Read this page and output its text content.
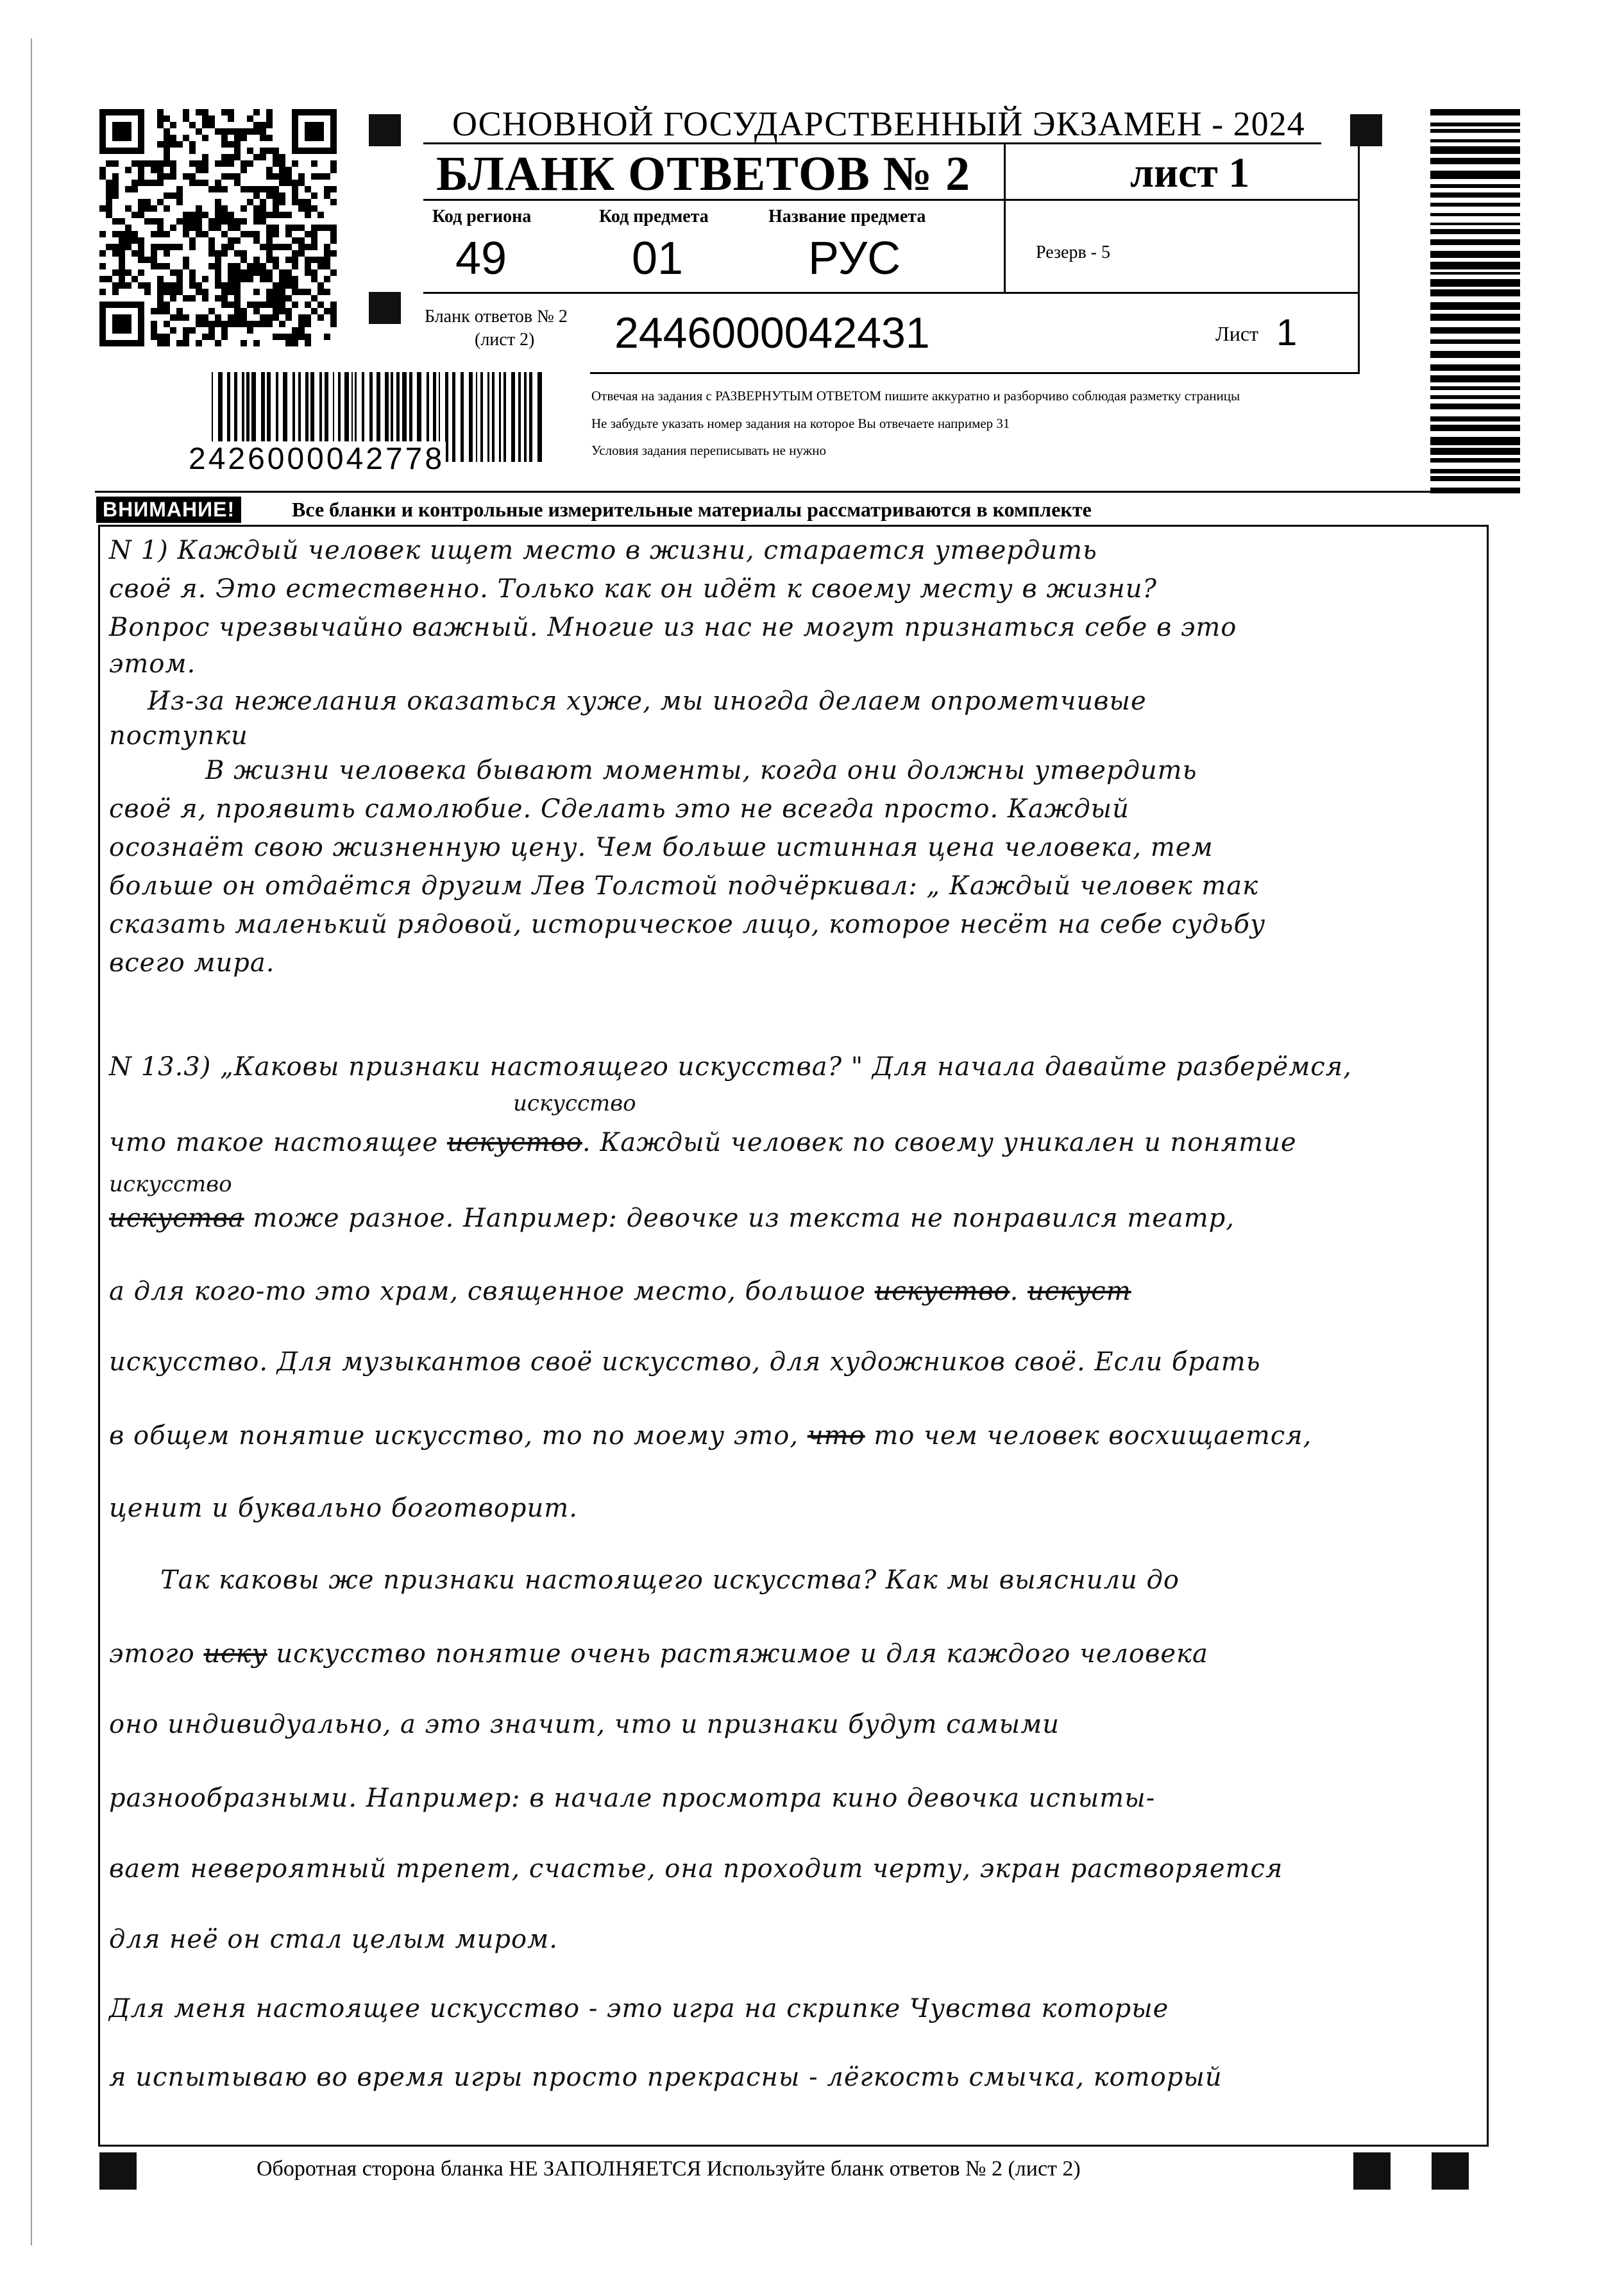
ОСНОВНОЙ ГОСУДАРСТВЕННЫЙ ЭКЗАМЕН - 2024
БЛАНК ОТВЕТОВ № 2	лист 1
Код региона	Код предмета	Название предмета
49	01	РУС	Резерв - 5
Бланк ответов № 2
(лист 2) 2446000042431	Лист 1
2426000042778
Отвечая на задания с РАЗВЕРНУТЫМ ОТВЕТОМ пишите аккуратно и разборчиво соблюдая разметку страницы
Не забудьте указать номер задания на которое Вы отвечаете например 31
Условия задания переписывать не нужно
ВНИМАНИЕ!	Все бланки и контрольные измерительные материалы рассматриваются в комплекте
N 1) Каждый человек ищет место в жизни, старается утвердить
своё я. Это естественно. Только как он идёт к своему месту в жизни?
Вопрос чрезвычайно важный. Многие из нас не могут признаться себе в это
этом.
Из-за нежелания оказаться хуже, мы иногда делаем опрометчивые
поступки
В жизни человека бывают моменты, когда они должны утвердить
своё я, проявить самолюбие. Сделать это не всегда просто. Каждый
осознаёт свою жизненную цену. Чем больше истинная цена человека, тем
больше он отдаётся другим Лев Толстой подчёркивал: „ Каждый человек так
сказать маленький рядовой, историческое лицо, которое несёт на себе судьбу
всего мира.
N 13.3) „Каковы признаки настоящего искусства? " Для начала давайте разберёмся,
искусство
что такое настоящее искуство. Каждый человек по своему уникален и понятие
искусство
искуства тоже разное. Например: девочке из текста не понравился театр,
а для кого-то это храм, священное место, большое искуство. искуст
искусство. Для музыкантов своё искусство, для художников своё. Если брать
в общем понятие искусство, то по моему это, что то чем человек восхищается,
ценит и буквально боготворит.
Так каковы же признаки настоящего искусства? Как мы выяснили до
этого иску искусство понятие очень растяжимое и для каждого человека
оно индивидуально, а это значит, что и признаки будут самыми
разнообразными. Например: в начале просмотра кино девочка испыты-
вает невероятный трепет, счастье, она проходит черту, экран растворяется
для неё он стал целым миром.
Для меня настоящее искусство - это игра на скрипке Чувства которые
я испытываю во время игры просто прекрасны - лёгкость смычка, который
Оборотная сторона бланка НЕ ЗАПОЛНЯЕТСЯ Используйте бланк ответов № 2 (лист 2)
